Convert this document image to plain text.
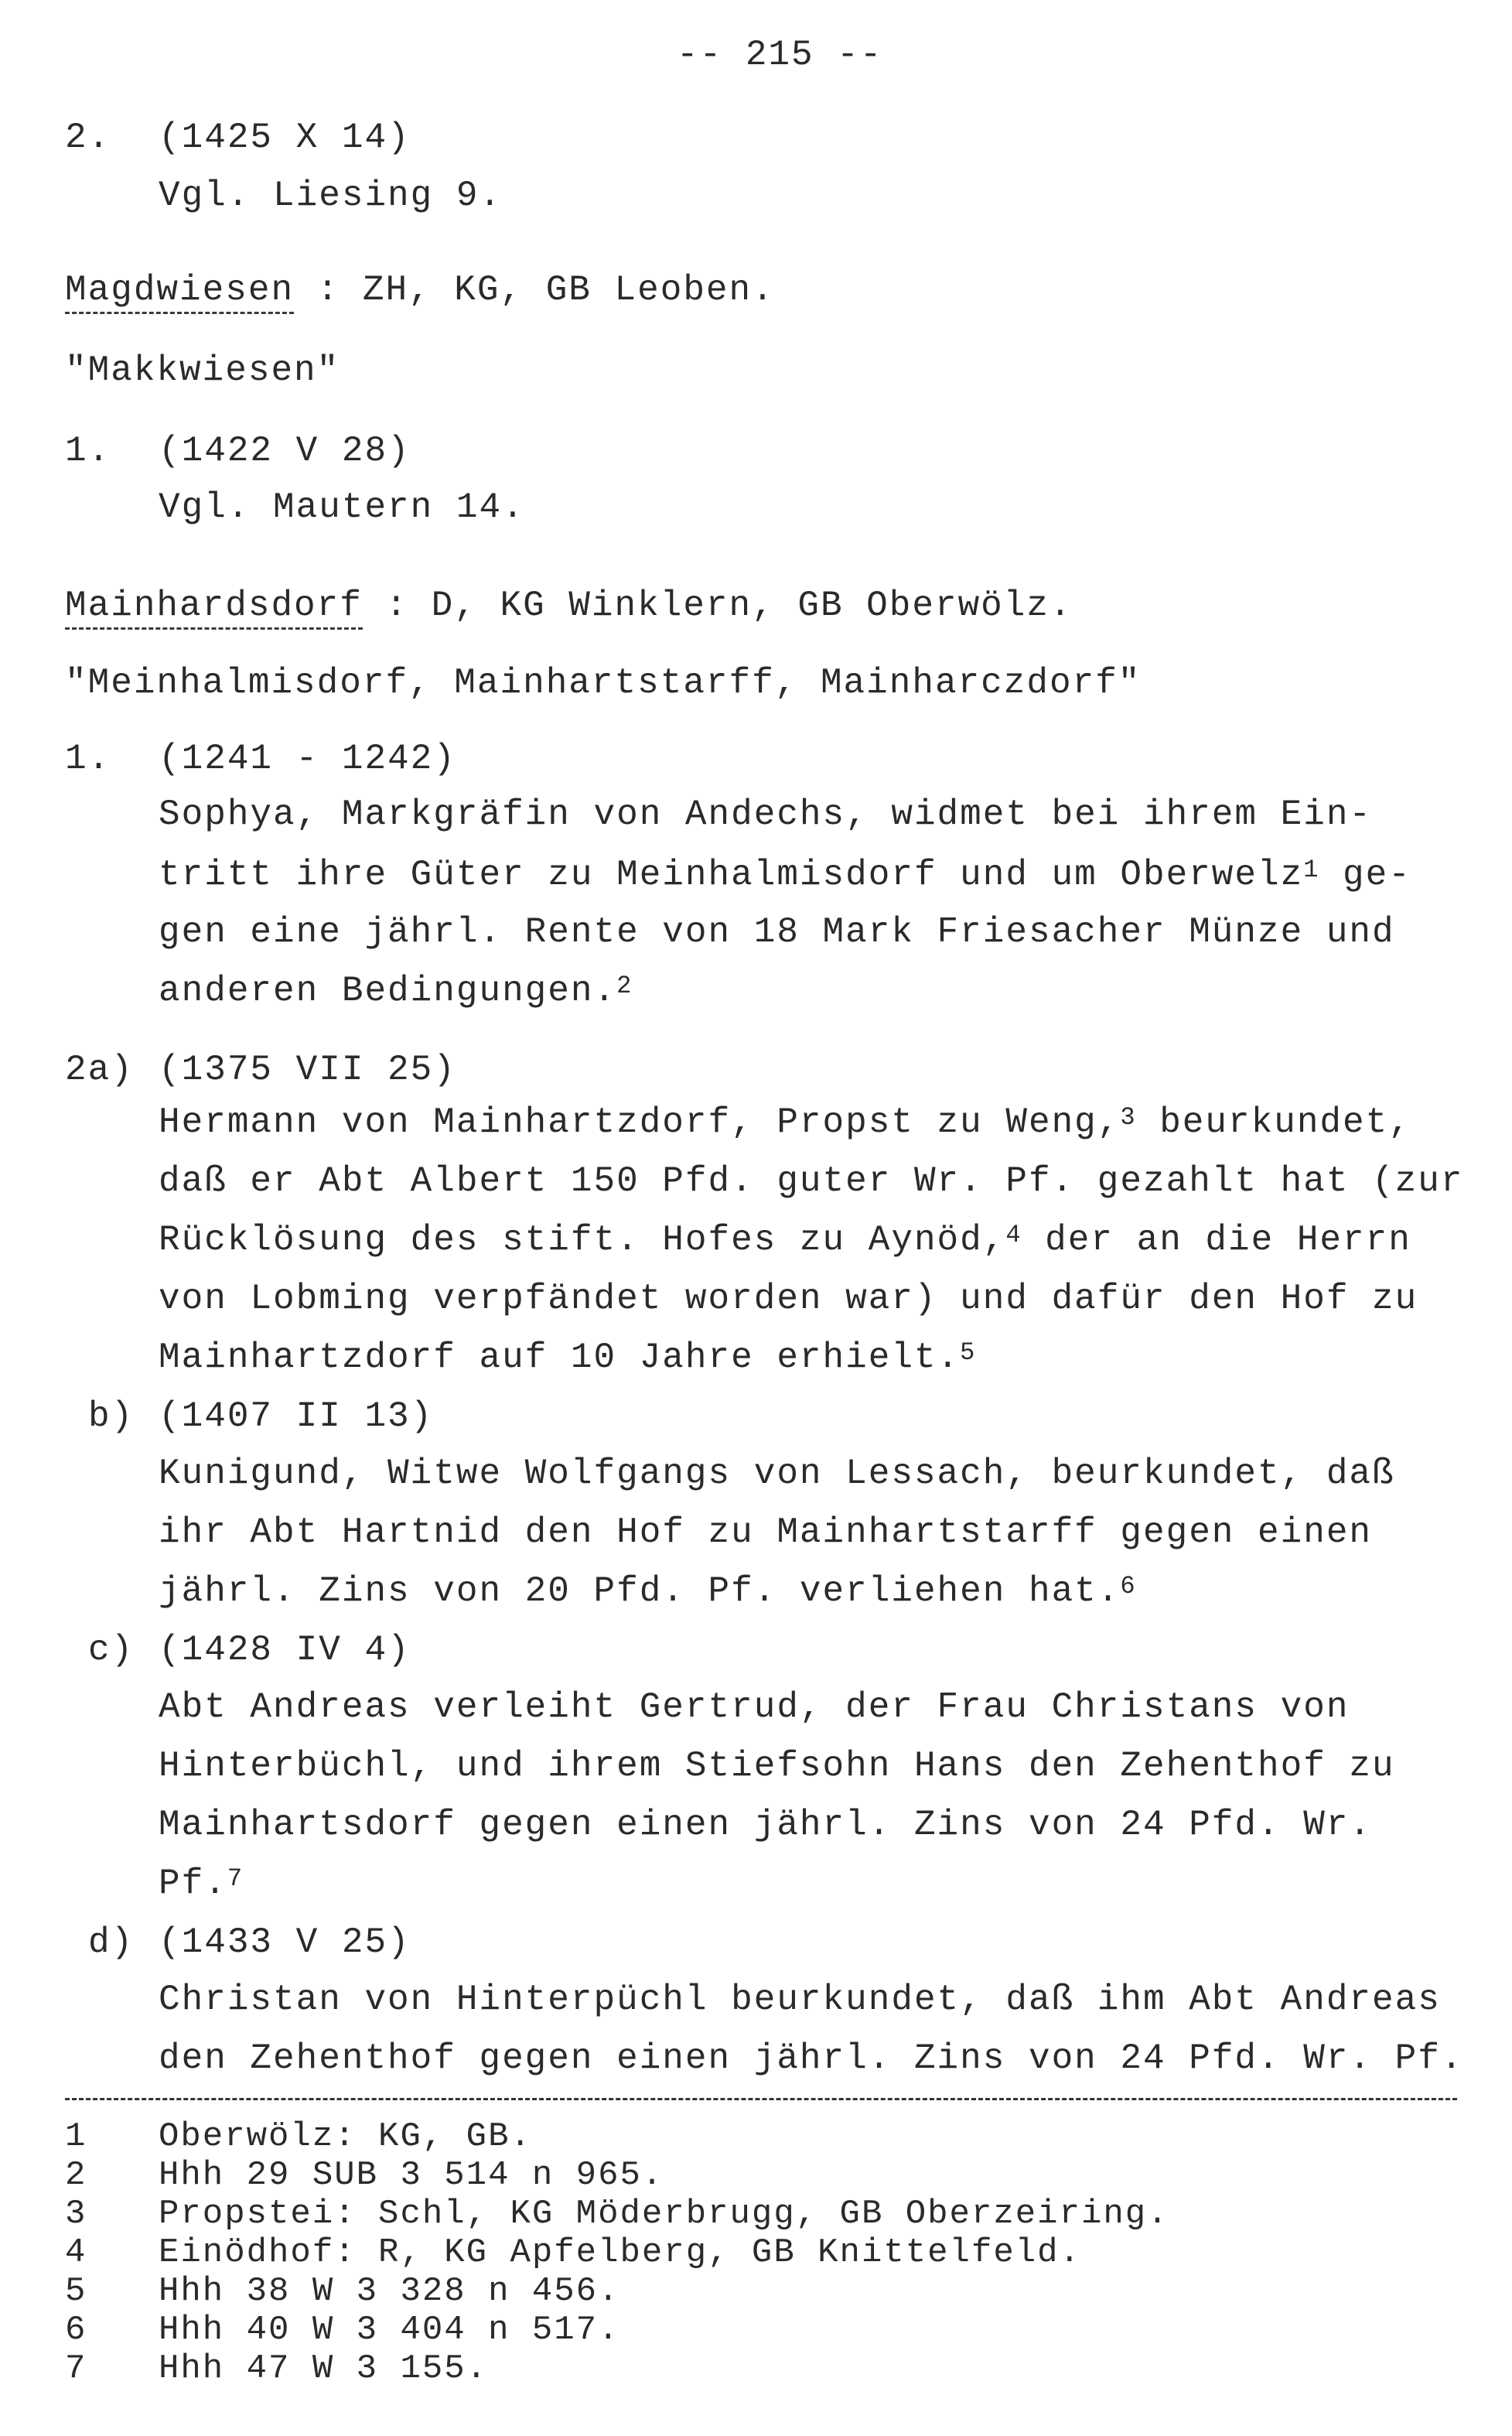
-- 215 --
2. (1425 X 14)
Vgl. Liesing 9.
Magdwiesen : ZH, KG, GB Leoben.
"Makkwiesen"
1. (1422 V 28)
Vgl. Mautern 14.
Mainhardsdorf : D, KG Winklern, GB Oberwölz.
"Meinhalmisdorf, Mainhartstarff, Mainharczdorf"
1. (1241 - 1242)
Sophya, Markgräfin von Andechs, widmet bei ihrem Ein-
tritt ihre Güter zu Meinhalmisdorf und um Oberwelz$^1$ ge-
gen eine jährl. Rente von 18 Mark Friesacher Münze und
anderen Bedingungen.$^2$
2a) (1375 VII 25)
Hermann von Mainhartzdorf, Propst zu Weng,$^3$ beurkundet,
daß er Abt Albert 150 Pfd. guter Wr. Pf. gezahlt hat (zur
Rücklösung des stift. Hofes zu Aynöd,$^4$ der an die Herrn
von Lobming verpfändet worden war) und dafür den Hof zu
Mainhartzdorf auf 10 Jahre erhielt.$^5$
b) (1407 II 13)
Kunigund, Witwe Wolfgangs von Lessach, beurkundet, daß
ihr Abt Hartnid den Hof zu Mainhartstarff gegen einen
jährl. Zins von 20 Pfd. Pf. verliehen hat.$^6$
c) (1428 IV 4)
Abt Andreas verleiht Gertrud, der Frau Christans von
Hinterbüchl, und ihrem Stiefsohn Hans den Zehenthof zu
Mainhartsdorf gegen einen jährl. Zins von 24 Pfd. Wr.
Pf.$^7$
d) (1433 V 25)
Christan von Hinterpüchl beurkundet, daß ihm Abt Andreas
den Zehenthof gegen einen jährl. Zins von 24 Pfd. Wr. Pf.
1 Oberwölz: KG, GB.
2 Hhh 29 SUB 3 514 n 965.
3 Propstei: Schl, KG Möderbrugg, GB Oberzeiring.
4 Einödhof: R, KG Apfelberg, GB Knittelfeld.
5 Hhh 38 W 3 328 n 456.
6 Hhh 40 W 3 404 n 517.
7 Hhh 47 W 3 155.
